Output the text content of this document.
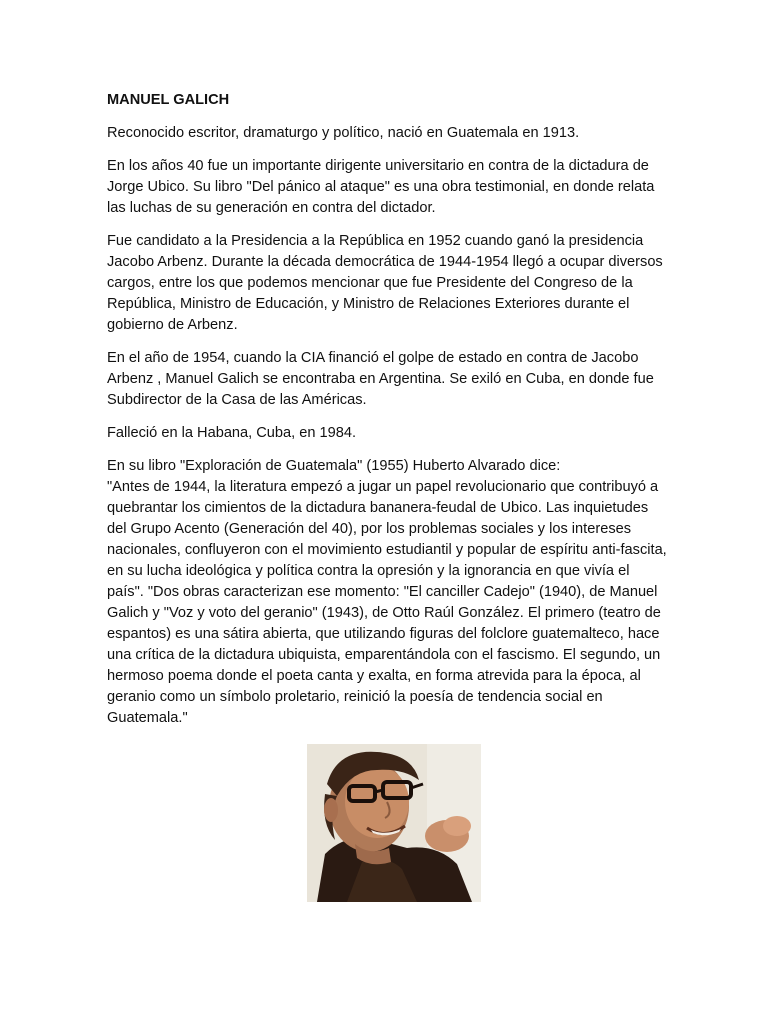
MANUEL GALICH

Reconocido escritor, dramaturgo y político, nació en Guatemala en 1913.

En los años 40 fue un importante dirigente universitario en contra de la dictadura de Jorge Ubico. Su libro "Del pánico al ataque" es una obra testimonial, en donde relata las luchas de su generación en contra del dictador.

Fue candidato a la Presidencia a la República en 1952 cuando ganó la presidencia Jacobo Arbenz. Durante la década democrática de 1944-1954 llegó a ocupar diversos cargos, entre los que podemos mencionar que fue Presidente del Congreso de la República, Ministro de Educación, y Ministro de Relaciones Exteriores durante el gobierno de Arbenz.

En el año de 1954, cuando la CIA financió el golpe de estado en contra de Jacobo Arbenz , Manuel Galich se encontraba en Argentina. Se exiló en Cuba, en donde fue Subdirector de la Casa de las Américas.

Falleció en la Habana, Cuba, en 1984.

En su libro "Exploración de Guatemala" (1955) Huberto Alvarado dice:

"Antes de 1944, la literatura empezó a jugar un papel revolucionario que contribuyó a quebrantar los cimientos de la dictadura bananera-feudal de Ubico. Las inquietudes del Grupo Acento (Generación del 40), por los problemas sociales y los intereses nacionales, confluyeron con el movimiento estudiantil y popular de espíritu anti-fascita, en su lucha ideológica y política contra la opresión y la ignorancia en que vivía el país". "Dos obras caracterizan ese momento: "El canciller Cadejo" (1940), de Manuel Galich y "Voz y voto del geranio" (1943), de Otto Raúl González. El primero (teatro de espantos) es una sátira abierta, que utilizando figuras del folclore guatemalteco, hace una crítica de la dictadura ubiquista, emparentándola con el fascismo. El segundo, un hermoso poema donde el poeta canta y exalta, en forma atrevida para la época, al geranio como un símbolo proletario, reinició la poesía de tendencia social en Guatemala."
